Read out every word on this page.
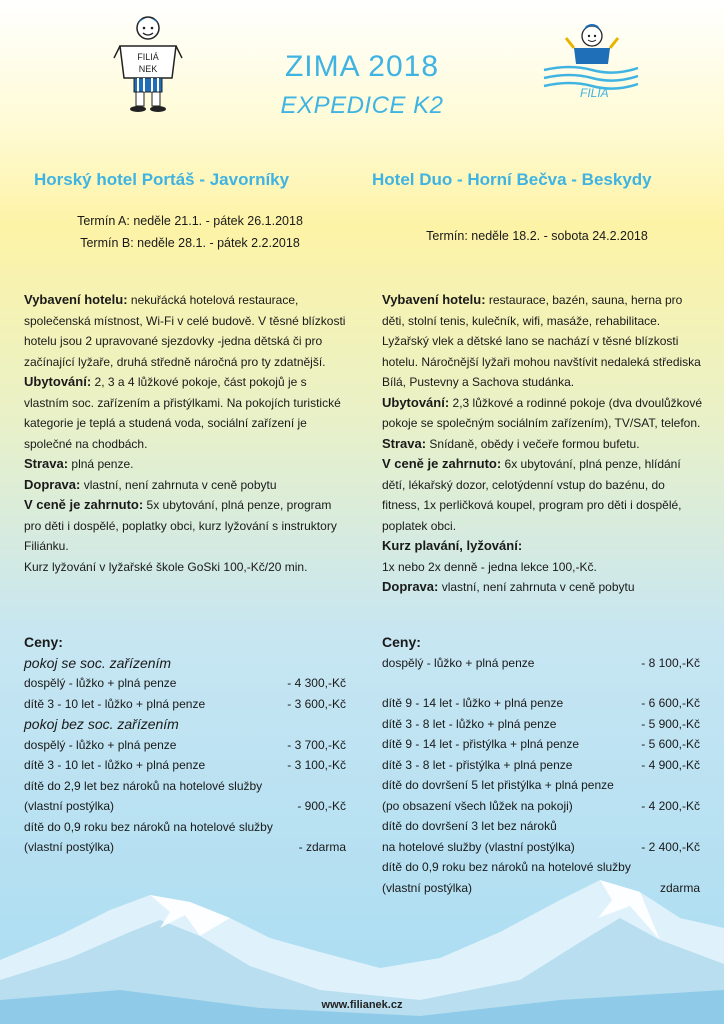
FILIÁ
NEK
FILIA
ZIMA 2018
EXPEDICE K2
Horský hotel Portáš - Javorníky	Hotel Duo - Horní Bečva - Beskydy
Termín A: neděle 21.1. - pátek 26.1.2018
Termín B: neděle 28.1. - pátek 2.2.2018	Termín: neděle 18.2. - sobota 24.2.2018

Vybavení hotelu: nekuřácká hotelová restaurace, společenská místnost, Wi-Fi v celé budově. V těsné blízkosti hotelu jsou 2 upravované sjezdovky -jedna dětská či pro začínající lyžaře, druhá středně náročná pro ty zdatnější.

Ubytování: 2, 3 a 4 lůžkové pokoje, část pokojů je s vlastním soc. zařízením a přistýlkami. Na pokojích turistické kategorie je teplá a studená voda, sociální zařízení je společné na chodbách.

Strava: plná penze.

Doprava: vlastní, není zahrnuta v ceně pobytu

V ceně je zahrnuto: 5x ubytování, plná penze, program pro děti i dospělé, poplatky obci, kurz lyžování s instruktory Filiánku.

Kurz lyžování v lyžařské škole GoSki 100,-Kč/20 min.

Ceny:
pokoj se soc. zařízením
dospělý - lůžko + plná penze	- 4 300,-Kč
dítě 3 - 10 let - lůžko + plná penze	- 3 600,-Kč
pokoj bez soc. zařízením
dospělý - lůžko + plná penze	- 3 700,-Kč
dítě 3 - 10 let - lůžko + plná penze	- 3 100,-Kč
dítě do 2,9 let bez nároků na hotelové služby
(vlastní postýlka)	- 900,-Kč
dítě do 0,9 roku bez nároků na hotelové služby
(vlastní postýlka)	- zdarma

Vybavení hotelu: restaurace, bazén, sauna, herna pro děti, stolní tenis, kulečník, wifi, masáže, rehabilitace. Lyžařský vlek a dětské lano se nachází v těsné blízkosti hotelu. Náročnější lyžaři mohou navštívit nedaleká střediska Bílá, Pustevny a Sachova studánka.

Ubytování: 2,3 lůžkové a rodinné pokoje (dva dvoulůžkové pokoje se společným sociálním zařízením), TV/SAT, telefon.

Strava: Snídaně, obědy i večeře formou bufetu.

V ceně je zahrnuto: 6x ubytování, plná penze, hlídání dětí, lékařský dozor, celotýdenní vstup do bazénu, do fitness, 1x perličková koupel, program pro děti i dospělé, poplatek obci.

Kurz plavání, lyžování:

1x nebo 2x denně - jedna lekce 100,-Kč.

Doprava: vlastní, není zahrnuta v ceně pobytu

Ceny:
dospělý - lůžko + plná penze	- 8 100,-Kč
dítě 9 - 14 let - lůžko + plná penze	- 6 600,-Kč
dítě 3 - 8 let - lůžko + plná penze	- 5 900,-Kč
dítě 9 - 14 let - přistýlka + plná penze	- 5 600,-Kč
dítě 3 - 8 let - přistýlka + plná penze	- 4 900,-Kč
dítě do dovršení 5 let přistýlka + plná penze
(po obsazení všech lůžek na pokoji)	- 4 200,-Kč
dítě do dovršení 3 let bez nároků
na hotelové služby (vlastní postýlka)	- 2 400,-Kč
dítě do 0,9 roku bez nároků na hotelové služby
(vlastní postýlka)	zdarma
www.filianek.cz
